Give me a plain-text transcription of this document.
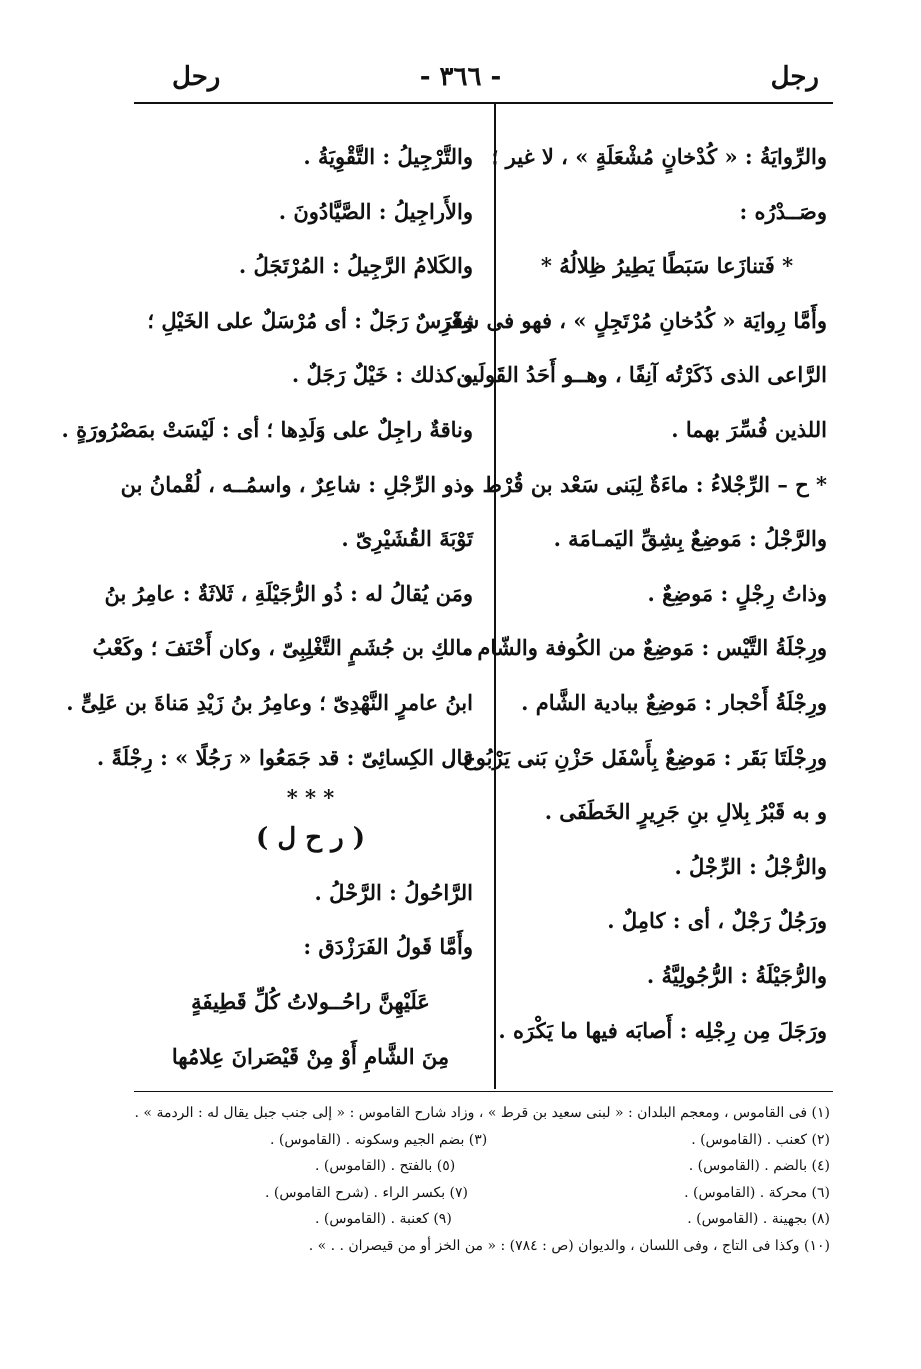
رجل
- ٣٦٦ -
رحل
والرِّوايَةُ : « كُدْخانٍ مُشْعَلَةٍ » ، لا غير ؛
وصَــدْرُه :
* فَتنازَعا سَبَطًا يَطِيرُ ظِلالُهُ *
وأَمَّا رِوايَة « كُدُخانِ مُرْتَجِلٍ » ، فهو فى شِعْرِ
الرَّاعى الذى ذَكَرْتُه آنِفًا ، وهــو أَحَدُ القَولَين
اللذين فُسِّرَ بهما .
* ح – الرِّجْلاءُ : ماءَةٌ لِبَنى سَعْد بن قُرْط .
والرَّجْلُ : مَوضِعٌ بِشِقِّ اليَمـامَة .
وذاتُ رِجْلٍ : مَوضِعٌ .
ورِجْلَةُ التَّيْس : مَوضِعٌ من الكُوفة والشّام .
ورِجْلَةُ أَحْجار : مَوضِعٌ ببادية الشَّام .
ورِجْلَتَا بَقَر : مَوضِعٌ بِأَسْفَل حَزْنِ بَنى يَرْبُوع ،
و به قَبْرُ بِلالِ بنِ جَرِيرٍ الخَطَفَى .
والرُّجْلُ : الرِّجْلُ .
ورَجُلٌ رَجْلٌ ، أى : كامِلٌ .
والرُّجَيْلَةُ : الرُّجُولِيَّةُ .
ورَجَلَ مِن رِجْلِه : أَصابَه فيها ما يَكْرَه .
والتَّرْجِيلُ : التَّقْوِيَةُ .
والأَراجِيلُ : الصَّيَّادُونَ .
والكَلامُ الرَّجِيلُ : المُرْتَجَلُ .
وفَرَسٌ رَجَلٌ : أى مُرْسَلٌ على الخَيْلِ ؛
و كذلك : خَيْلٌ رَجَلٌ .
وناقةٌ راجِلٌ على وَلَدِها ؛ أى : لَيْسَتْ بمَصْرُورَةٍ .
وذو الرِّجْلِ : شاعِرٌ ، واسمُــه ، لُقْمانُ بن
تَوْبَةَ القُشَيْرِىّ .
ومَن يُقالُ له : ذُو الرُّجَيْلَةِ ، ثَلاثَةٌ : عامِرُ بنُ
مالكِ بن جُشَمٍ التَّغْلِبِىّ ، وكان أَحْنَفَ ؛ وكَعْبُ
ابنُ عامرٍ النَّهْدِىّ ؛ وعامِرُ بنُ زَيْدِ مَناةَ بن عَلِىٍّ .
قال الكِسائِىّ : قد جَمَعُوا « رَجُلًا » : رِجْلَةً .
* * *
( ر ح ل )
الرَّاحُولُ : الرَّحْلُ .
وأَمَّا قَولُ الفَرَزْدَق :
عَلَيْهِنَّ راحُــولاتُ كُلِّ قَطِيفَةٍ
مِنَ الشَّامِ أَوْ مِنْ قَيْصَرانَ عِلامُها
(١) فى القاموس ، ومعجم البلدان : « لبنى سعيد بن قرط » ، وزاد شارح القاموس : « إلى جنب جبل يقال له : الردمة » .
(٢) كعنب . (القاموس) .
(٣) بضم الجيم وسكونه . (القاموس) .
(٤) بالضم . (القاموس) .
(٥) بالفتح . (القاموس) .
(٦) محركة . (القاموس) .
(٧) بكسر الراء . (شرح القاموس) .
(٨) بجهينة . (القاموس) .
(٩) كعنبة . (القاموس) .
(١٠) وكذا فى التاج ، وفى اللسان ، والديوان (ص : ٧٨٤) : « من الخز أو من قيصران . . » .
